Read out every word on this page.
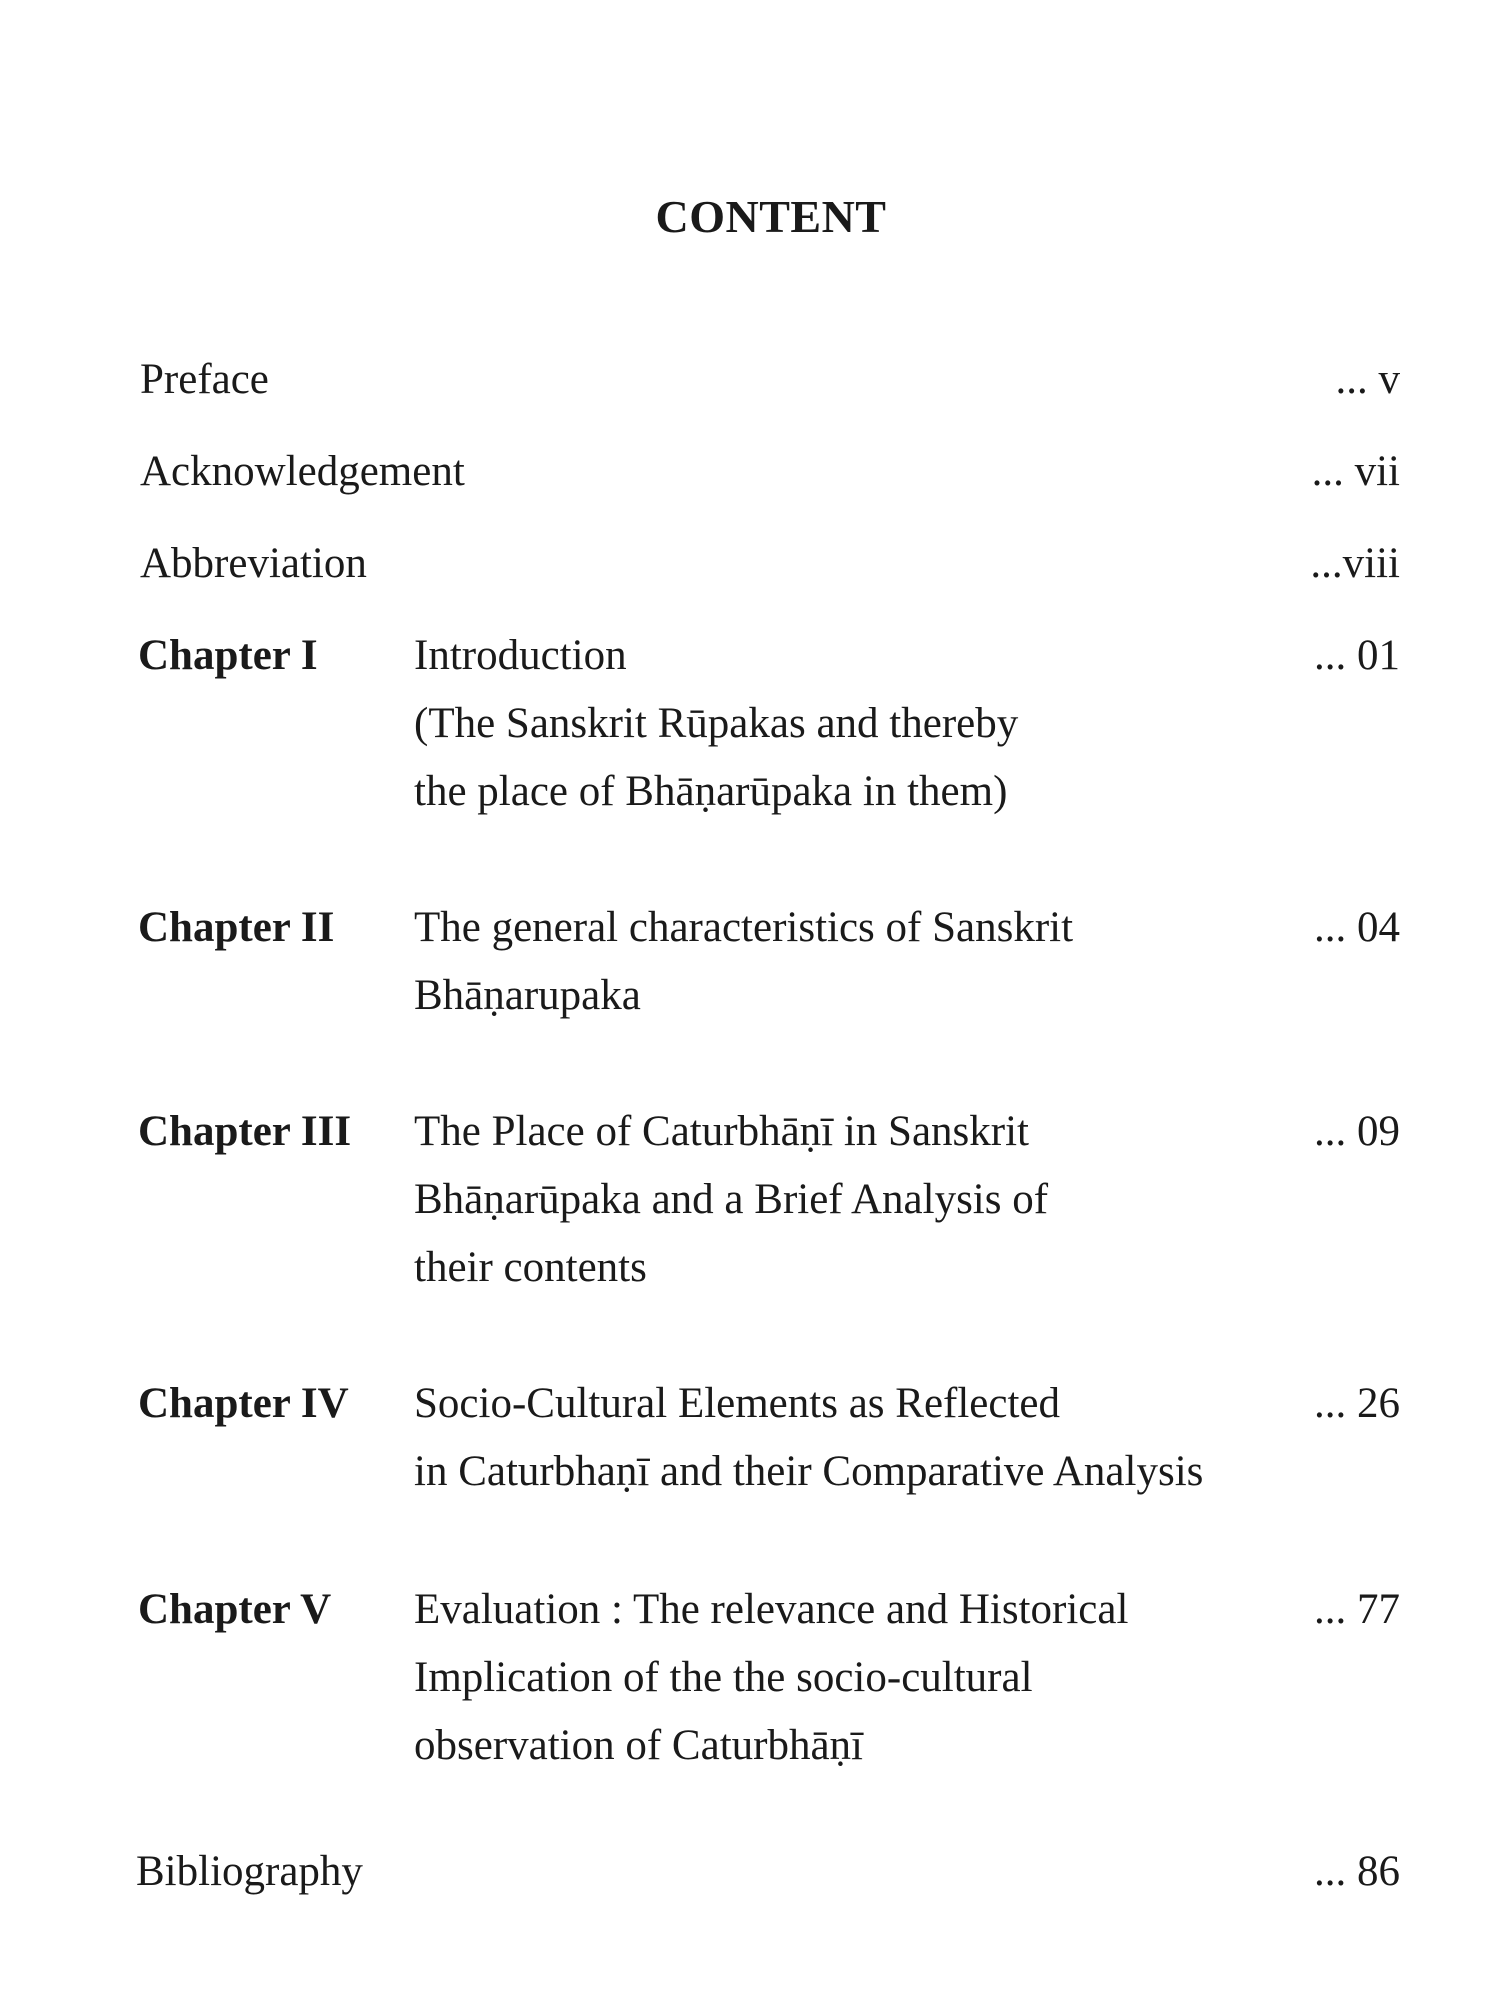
CONTENT
Preface	... v
Acknowledgement	... vii
Abbreviation	...viii
Chapter I Introduction
(The Sanskrit Rūpakas and thereby
the place of Bhāṇarūpaka in them)
... 01
Chapter II The general characteristics of Sanskrit
Bhāṇarupaka
... 04
Chapter III The Place of Caturbhāṇī in Sanskrit
Bhāṇarūpaka and a Brief Analysis of
their contents
... 09
Chapter IV Socio-Cultural Elements as Reflected
in Caturbhaṇī and their Comparative Analysis
... 26
Chapter V Evaluation : The relevance and Historical
Implication of the the socio-cultural
observation of Caturbhāṇī
... 77
Bibliography	... 86
